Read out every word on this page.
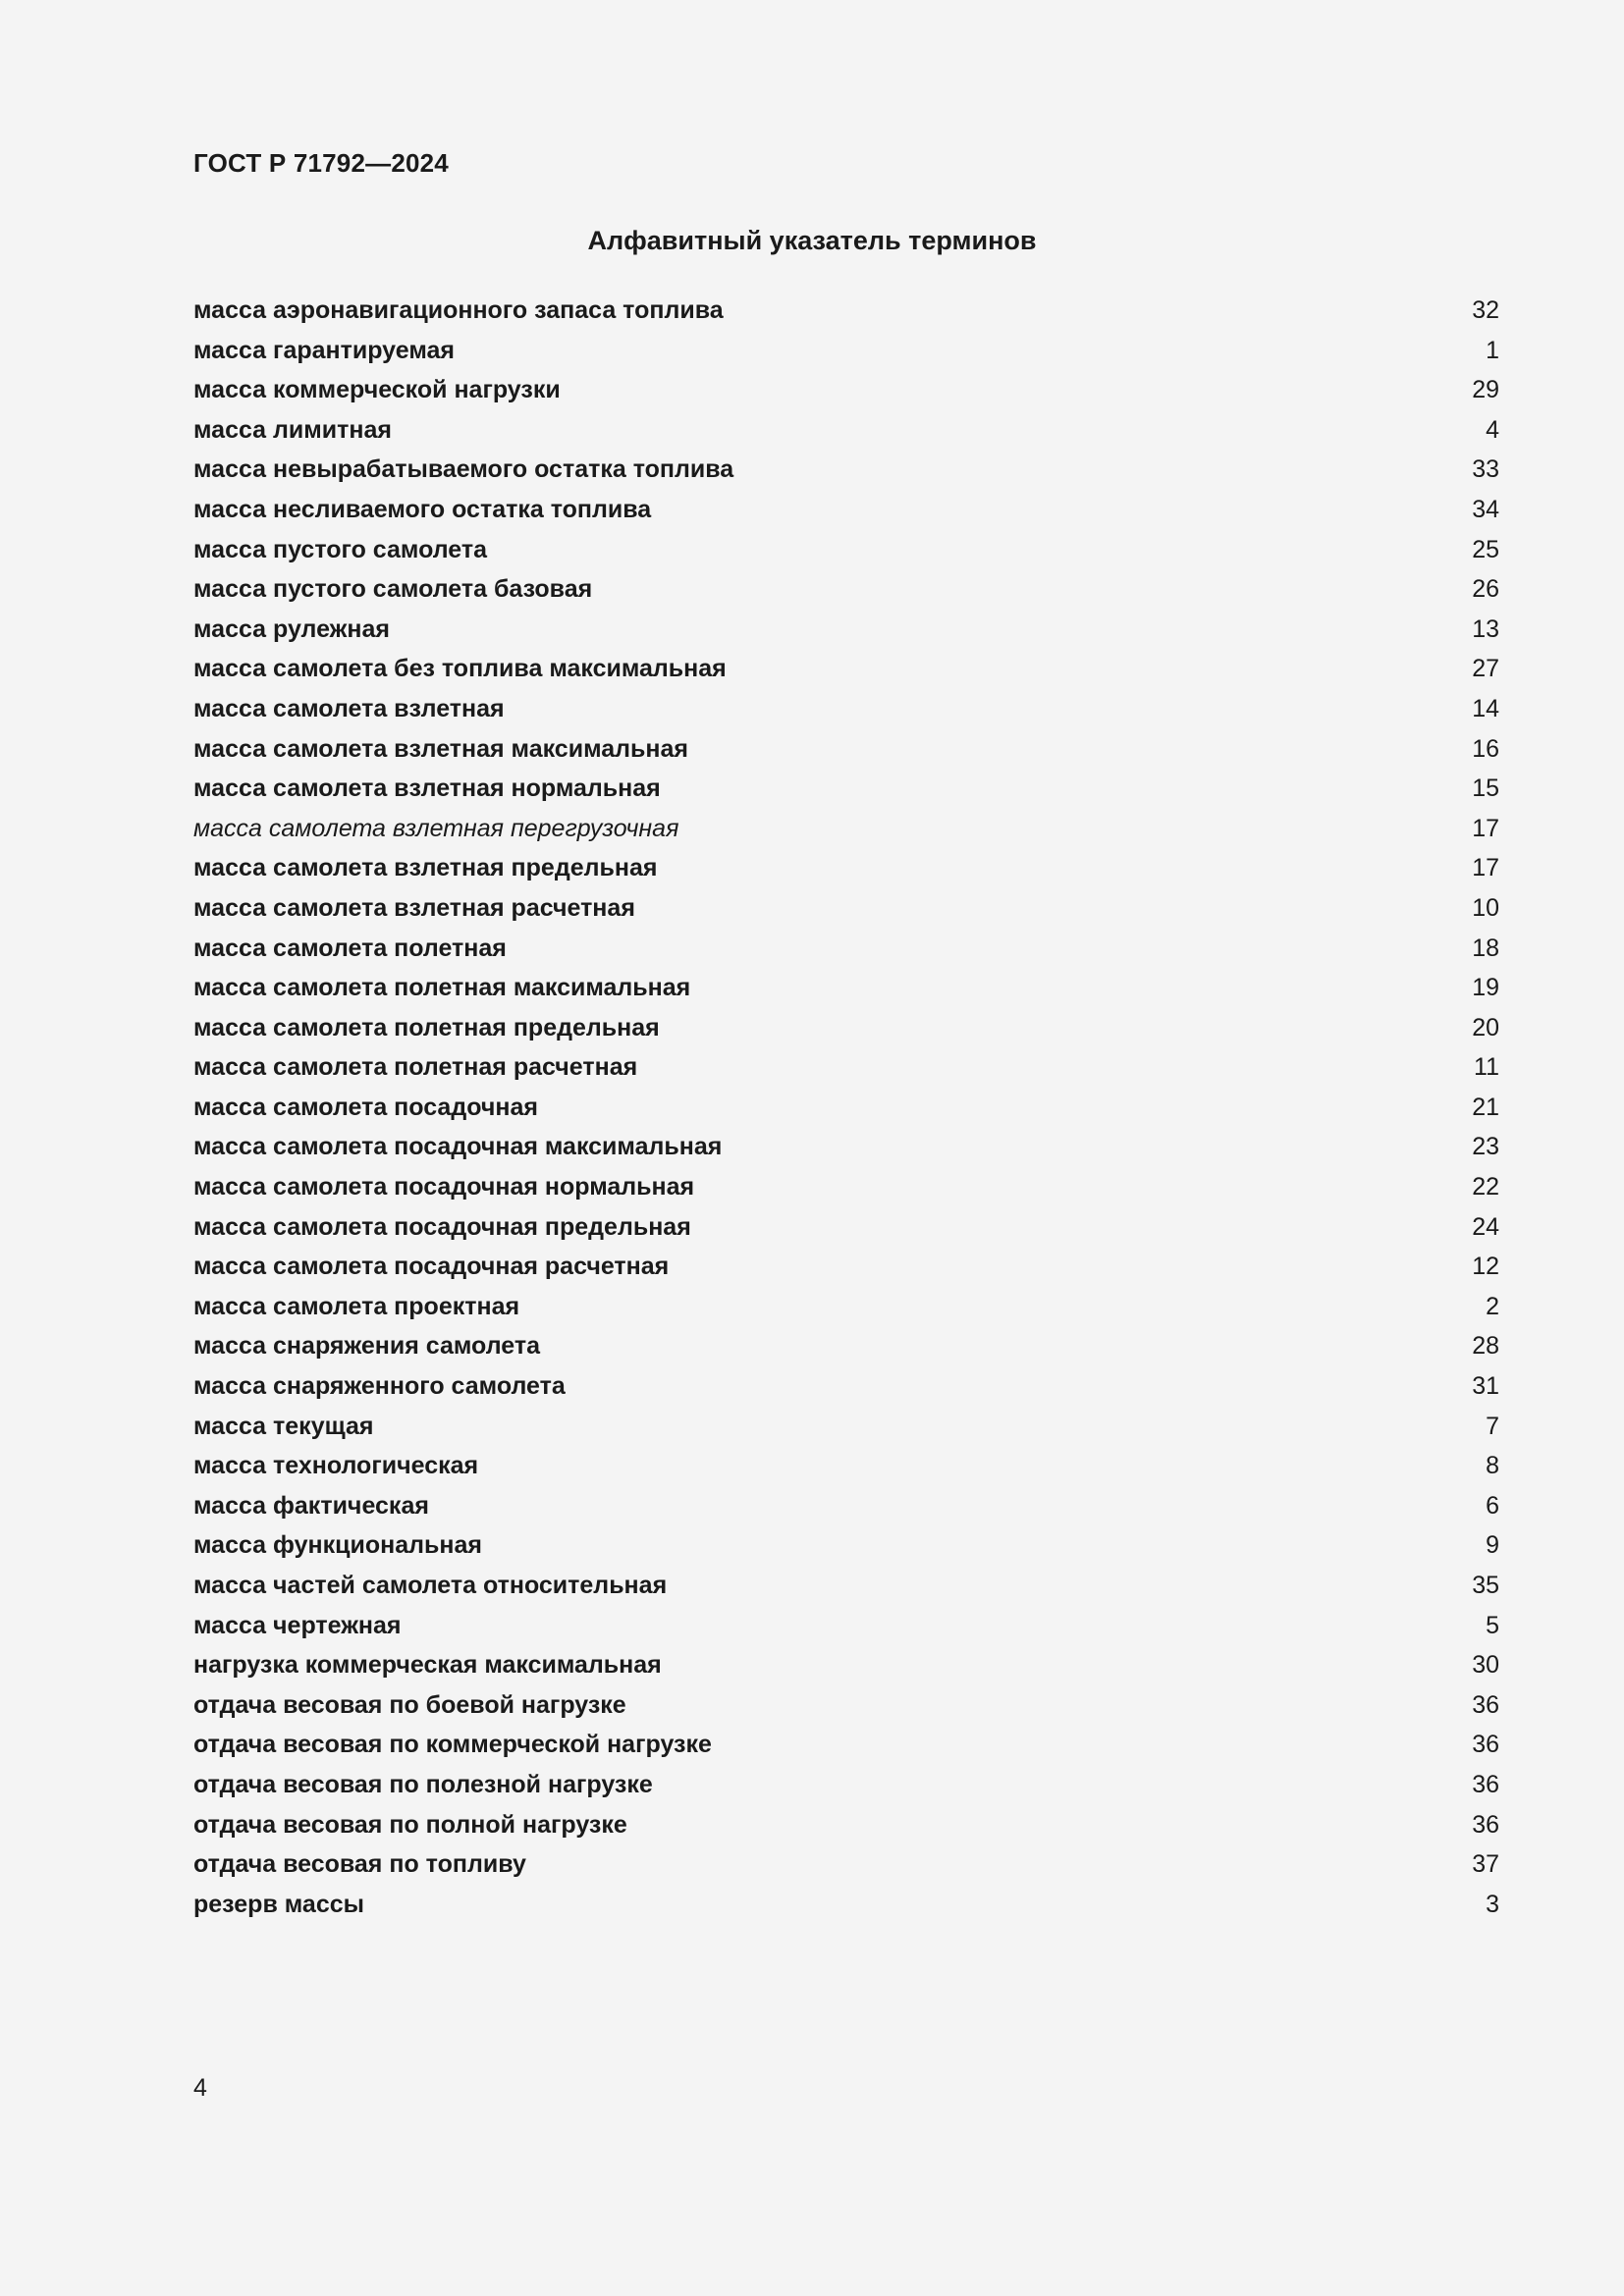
ГОСТ Р 71792—2024
Алфавитный указатель терминов
масса аэронавигационного запаса топлива	32
масса гарантируемая	1
масса коммерческой нагрузки	29
масса лимитная	4
масса невырабатываемого остатка топлива	33
масса несливаемого остатка топлива	34
масса пустого самолета	25
масса пустого самолета базовая	26
масса рулежная	13
масса самолета без топлива максимальная	27
масса самолета взлетная	14
масса самолета взлетная максимальная	16
масса самолета взлетная нормальная	15
масса самолета взлетная перегрузочная	17
масса самолета взлетная предельная	17
масса самолета взлетная расчетная	10
масса самолета полетная	18
масса самолета полетная максимальная	19
масса самолета полетная предельная	20
масса самолета полетная расчетная	11
масса самолета посадочная	21
масса самолета посадочная максимальная	23
масса самолета посадочная нормальная	22
масса самолета посадочная предельная	24
масса самолета посадочная расчетная	12
масса самолета проектная	2
масса снаряжения самолета	28
масса снаряженного самолета	31
масса текущая	7
масса технологическая	8
масса фактическая	6
масса функциональная	9
масса частей самолета относительная	35
масса чертежная	5
нагрузка коммерческая максимальная	30
отдача весовая по боевой нагрузке	36
отдача весовая по коммерческой нагрузке	36
отдача весовая по полезной нагрузке	36
отдача весовая по полной нагрузке	36
отдача весовая по топливу	37
резерв массы	3
4
